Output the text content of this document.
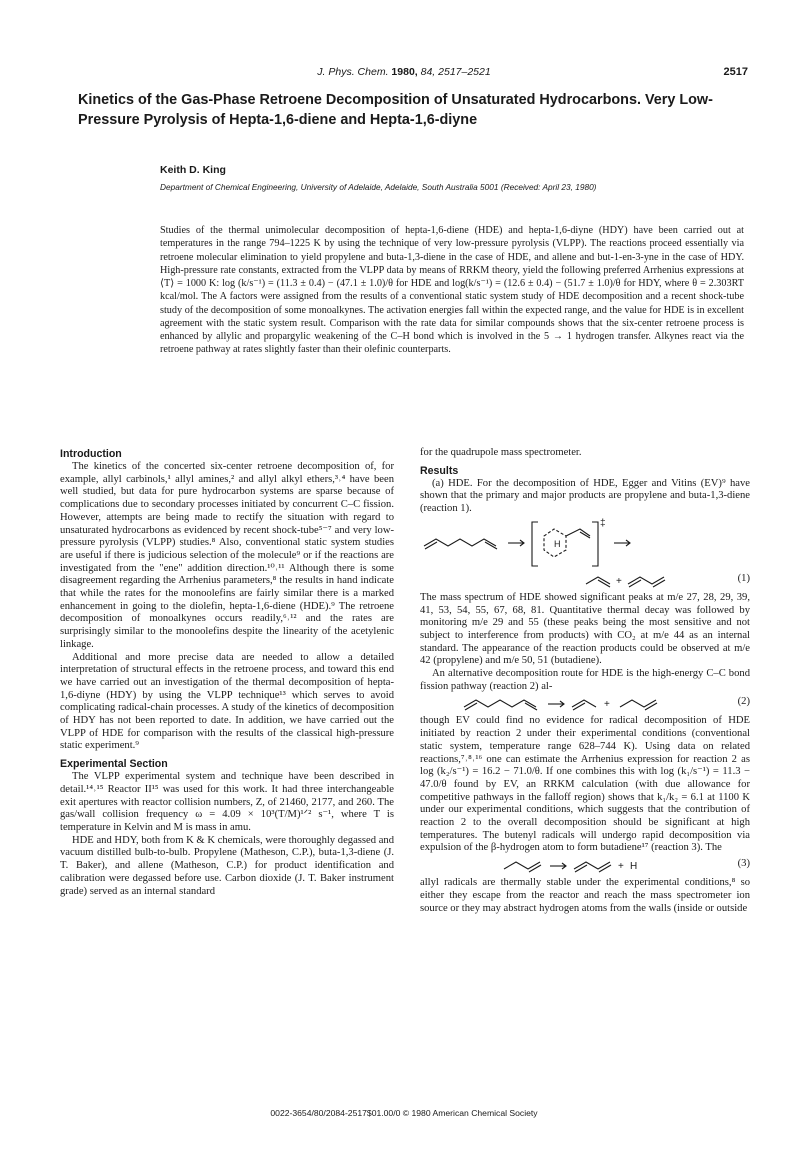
J. Phys. Chem. 1980, 84, 2517–2521	2517
Kinetics of the Gas-Phase Retroene Decomposition of Unsaturated Hydrocarbons. Very Low-Pressure Pyrolysis of Hepta-1,6-diene and Hepta-1,6-diyne
Keith D. King
Department of Chemical Engineering, University of Adelaide, Adelaide, South Australia 5001 (Received: April 23, 1980)

Studies of the thermal unimolecular decomposition of hepta-1,6-diene (HDE) and hepta-1,6-diyne (HDY) have been carried out at temperatures in the range 794–1225 K by using the technique of very low-pressure pyrolysis (VLPP). The reactions proceed essentially via retroene molecular elimination to yield propylene and buta-1,3-diene in the case of HDE, and allene and but-1-en-3-yne in the case of HDY. High-pressure rate constants, extracted from the VLPP data by means of RRKM theory, yield the following preferred Arrhenius expressions at ⟨T⟩ = 1000 K: log (k/s⁻¹) = (11.3 ± 0.4) − (47.1 ± 1.0)/θ for HDE and log(k/s⁻¹) = (12.6 ± 0.4) − (51.7 ± 1.0)/θ for HDY, where θ = 2.303RT kcal/mol. The A factors were assigned from the results of a conventional static system study of HDE decomposition and a recent shock-tube study of the decomposition of some monoalkynes. The activation energies fall within the expected range, and the value for HDE is in excellent agreement with the static system result. Comparison with the rate data for similar compounds shows that the six-center retroene process is enhanced by allylic and propargylic weakening of the C–H bond which is involved in the 5 → 1 hydrogen transfer. Alkynes react via the retroene pathway at rates slightly faster than their olefinic counterparts.

Introduction

The kinetics of the concerted six-center retroene decomposition of, for example, allyl carbinols,¹ allyl amines,² and allyl alkyl ethers,³˒⁴ have been well studied, but data for pure hydrocarbon systems are sparse because of complications due to secondary processes initiated by concurrent C–C fission. However, attempts are being made to rectify the situation with regard to unsaturated hydrocarbons as evidenced by recent shock-tube⁵⁻⁷ and very low-pressure pyrolysis (VLPP) studies.⁸ Also, conventional static system studies are useful if there is judicious selection of the molecule⁹ or if the reactions are investigated from the "ene" addition direction.¹⁰˒¹¹ Although there is some disagreement regarding the Arrhenius parameters,⁸ the results in hand indicate that while the rates for the monoolefins are fairly similar there is a marked enhancement in going to the diolefin, hepta-1,6-diene (HDE).⁹ The retroene decomposition of monoalkynes occurs readily,⁶˒¹² and the rates are surprisingly similar to the monoolefins despite the linearity of the acetylenic linkage.

Additional and more precise data are needed to allow a detailed interpretation of structural effects in the retroene process, and toward this end we have carried out an investigation of the thermal decomposition of hepta-1,6-diyne (HDY) by using the VLPP technique¹³ which serves to avoid complicating radical-chain processes. A study of the kinetics of decomposition of HDY has not been reported to date. In addition, we have carried out the VLPP of HDE for comparison with the results of the classical high-pressure static experiment.⁹

Experimental Section

The VLPP experimental system and technique have been described in detail.¹⁴˒¹⁵ Reactor II¹⁵ was used for this work. It had three interchangeable exit apertures with reactor collision numbers, Z, of 21460, 2177, and 260. The gas/wall collision frequency ω = 4.09 × 10³(T/M)¹ᐟ² s⁻¹, where T is temperature in Kelvin and M is mass in amu.

HDE and HDY, both from K & K chemicals, were thoroughly degassed and vacuum distilled bulb-to-bulb. Propylene (Matheson, C.P.), buta-1,3-diene (J. T. Baker), and allene (Matheson, C.P.) for product identification and calibration were degassed before use. Carbon dioxide (J. T. Baker instrument grade) served as an internal standard

for the quadrupole mass spectrometer.

Results

(a) HDE. For the decomposition of HDE, Egger and Vitins (EV)⁹ have shown that the primary and major products are propylene and buta-1,3-diene (reaction 1).

H
‡
+	(1)

The mass spectrum of HDE showed significant peaks at m/e 27, 28, 29, 39, 41, 53, 54, 55, 67, 68, 81. Quantitative thermal decay was followed by monitoring m/e 29 and 55 (these peaks being the most sensitive and not subject to interference from products) with CO₂ at m/e 44 as an internal standard. The appearance of the reaction products could be observed at m/e 42 (propylene) and m/e 50, 51 (butadiene).

An alternative decomposition route for HDE is the high-energy C–C bond fission pathway (reaction 2) al-

+	(2)

though EV could find no evidence for radical decomposition of HDE initiated by reaction 2 under their experimental conditions (conventional static system, temperature range 628–744 K). Using data on related reactions,⁷˒⁸˒¹⁶ one can estimate the Arrhenius expression for reaction 2 as log (k₂/s⁻¹) = 16.2 − 71.0/θ. If one combines this with log (k₁/s⁻¹) = 11.3 − 47.0/θ found by EV, an RRKM calculation (with due allowance for competitive pathways in the falloff region) shows that k₁/k₂ = 6.1 at 1100 K under our experimental conditions, which suggests that the contribution of reaction 2 to the overall decomposition should be significant at high temperatures. The butenyl radicals will undergo rapid decomposition via expulsion of the β-hydrogen atom to form butadiene¹⁷ (reaction 3). The

+ H	(3)

allyl radicals are thermally stable under the experimental conditions,⁸ so either they escape from the reactor and reach the mass spectrometer ion source or they may abstract hydrogen atoms from the walls (inside or outside

0022-3654/80/2084-2517$01.00/0 © 1980 American Chemical Society
